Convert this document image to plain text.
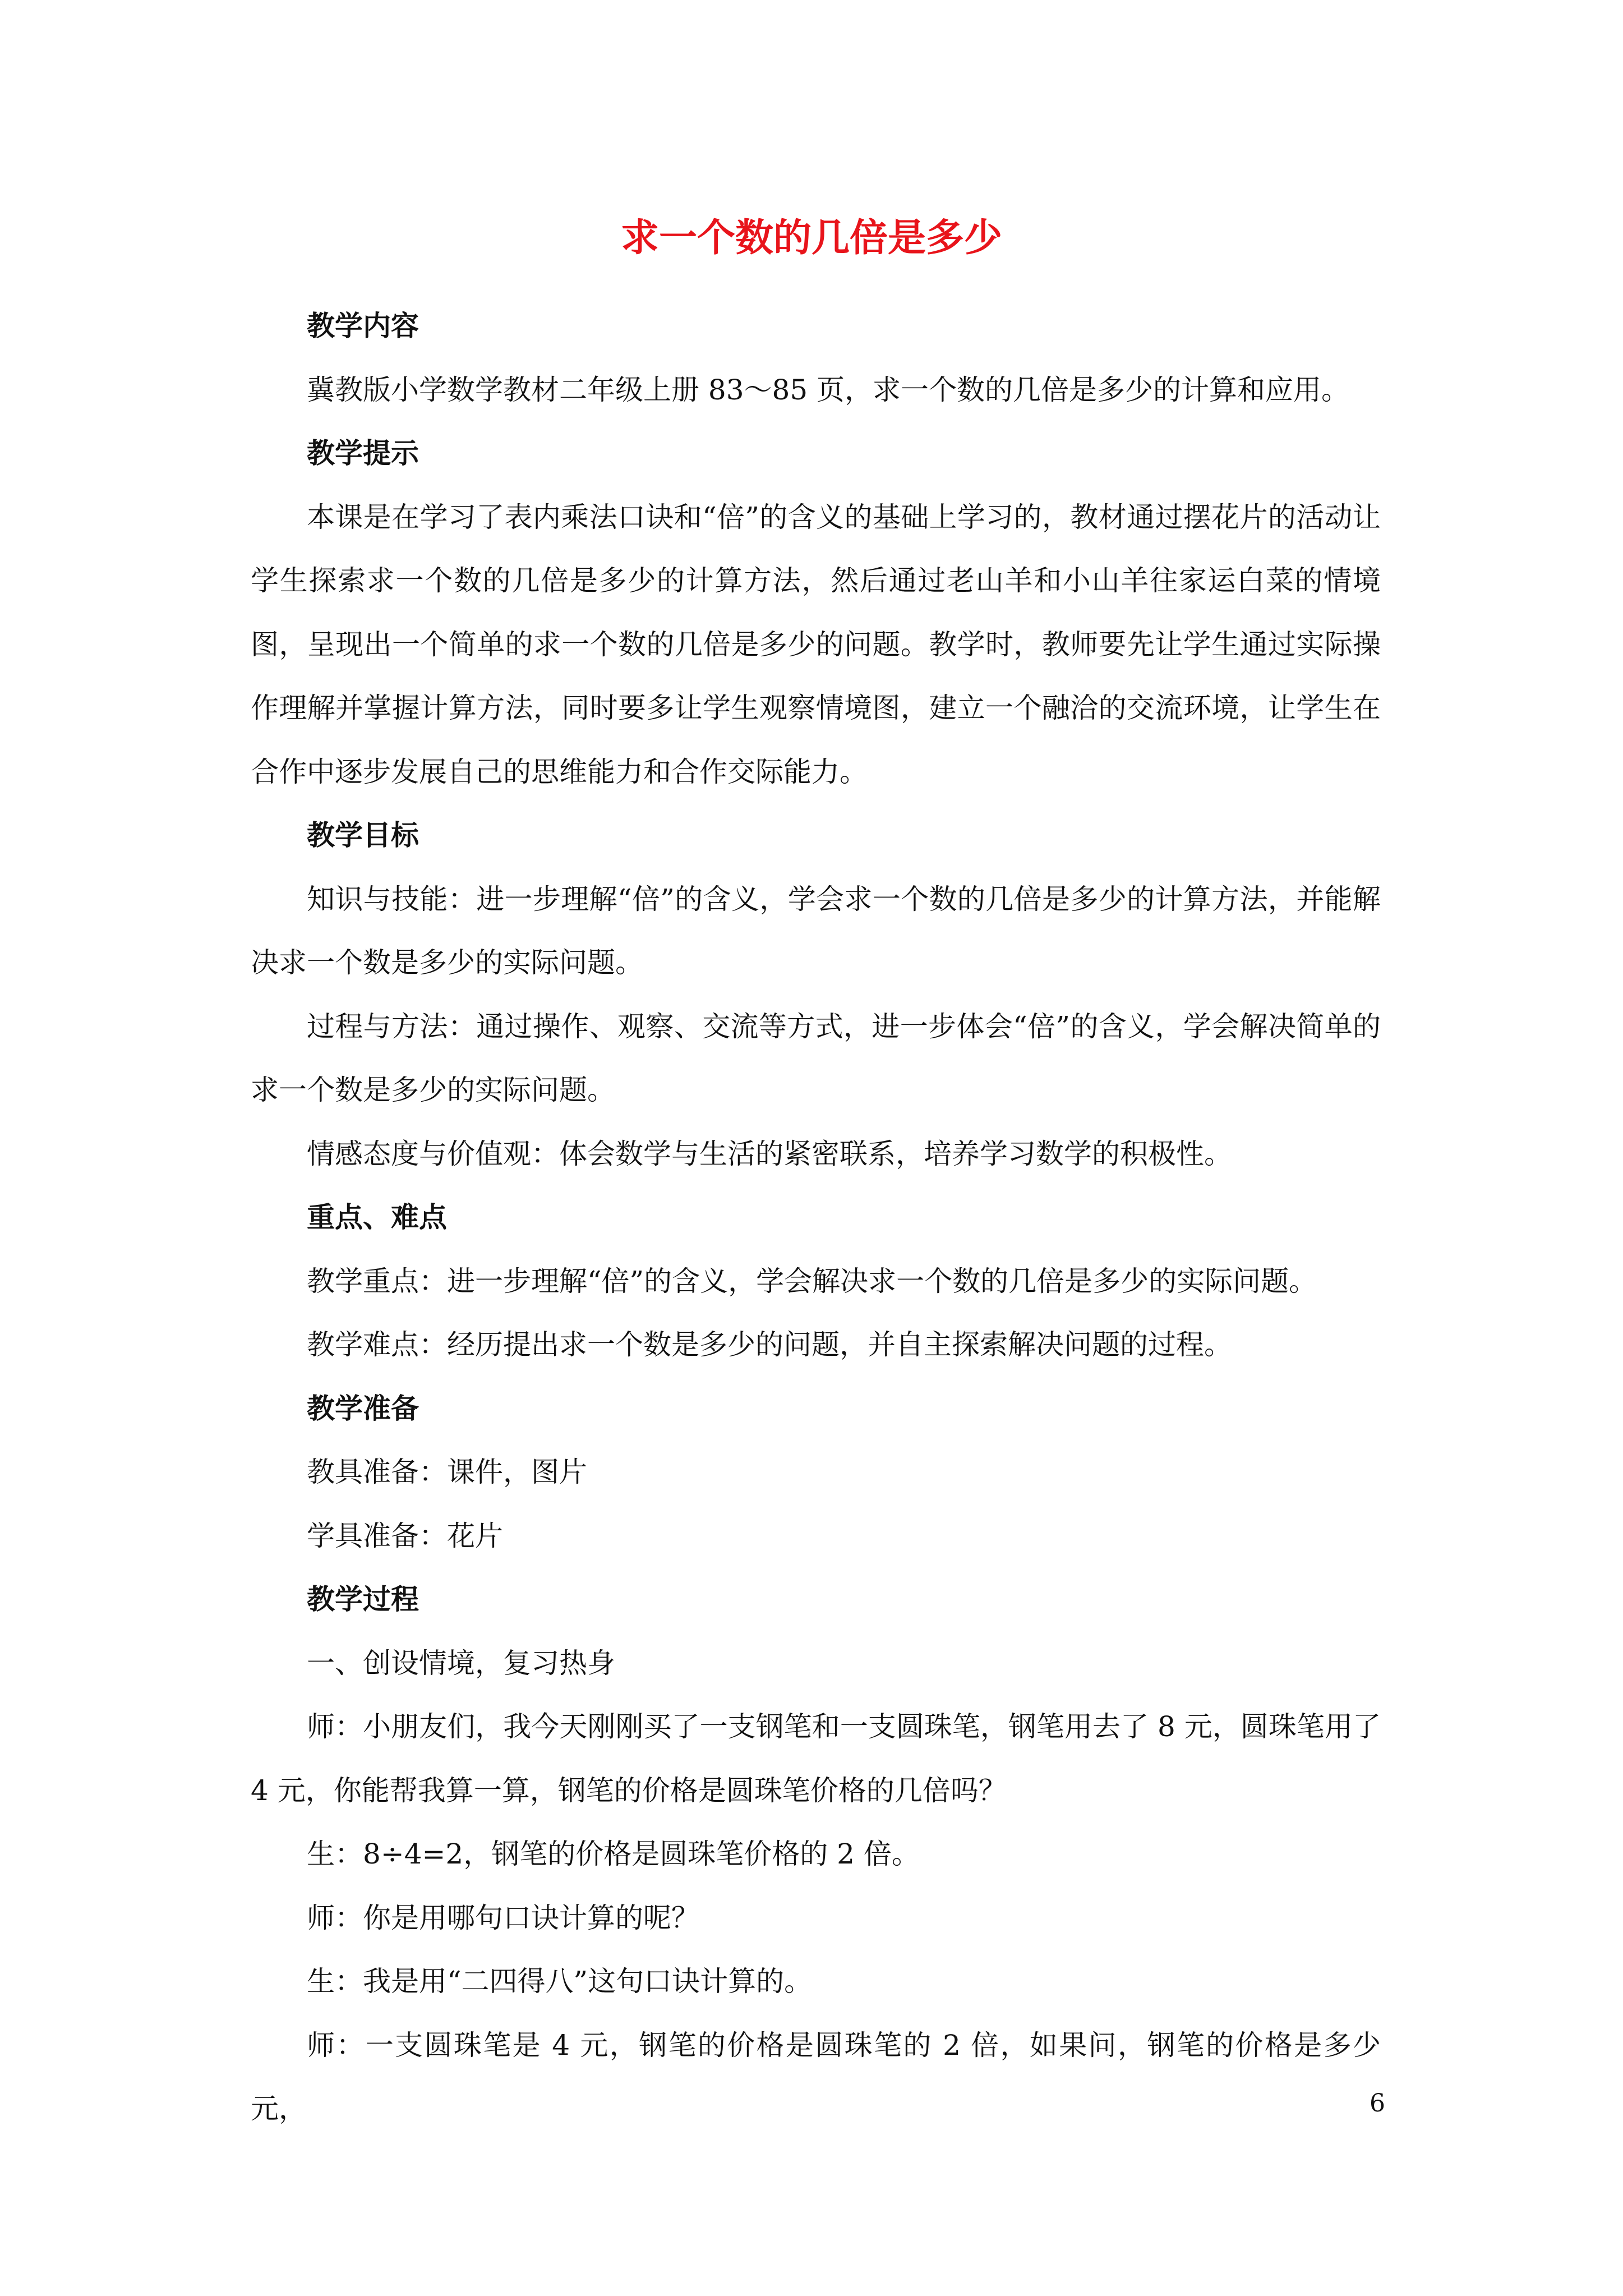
求一个数的几倍是多少
教学内容

冀教版小学数学教材二年级上册 83～85 页，求一个数的几倍是多少的计算和应用。

教学提示

本课是在学习了表内乘法口诀和“倍”的含义的基础上学习的，教材通过摆花片的活动让学生探索求一个数的几倍是多少的计算方法，然后通过老山羊和小山羊往家运白菜的情境图，呈现出一个简单的求一个数的几倍是多少的问题。教学时，教师要先让学生通过实际操作理解并掌握计算方法，同时要多让学生观察情境图，建立一个融洽的交流环境，让学生在合作中逐步发展自己的思维能力和合作交际能力。

教学目标

知识与技能：进一步理解“倍”的含义，学会求一个数的几倍是多少的计算方法，并能解决求一个数是多少的实际问题。

过程与方法：通过操作、观察、交流等方式，进一步体会“倍”的含义，学会解决简单的求一个数是多少的实际问题。

情感态度与价值观：体会数学与生活的紧密联系，培养学习数学的积极性。

重点、难点

教学重点：进一步理解“倍”的含义，学会解决求一个数的几倍是多少的实际问题。

教学难点：经历提出求一个数是多少的问题，并自主探索解决问题的过程。

教学准备

教具准备：课件，图片

学具准备：花片

教学过程

一、创设情境，复习热身

师：小朋友们，我今天刚刚买了一支钢笔和一支圆珠笔，钢笔用去了 8 元，圆珠笔用了 4 元，你能帮我算一算，钢笔的价格是圆珠笔价格的几倍吗？

生：8÷4=2，钢笔的价格是圆珠笔价格的 2 倍。

师：你是用哪句口诀计算的呢？

生：我是用“二四得八”这句口诀计算的。

师：一支圆珠笔是 4 元，钢笔的价格是圆珠笔的 2 倍，如果问，钢笔的价格是多少元，	6
